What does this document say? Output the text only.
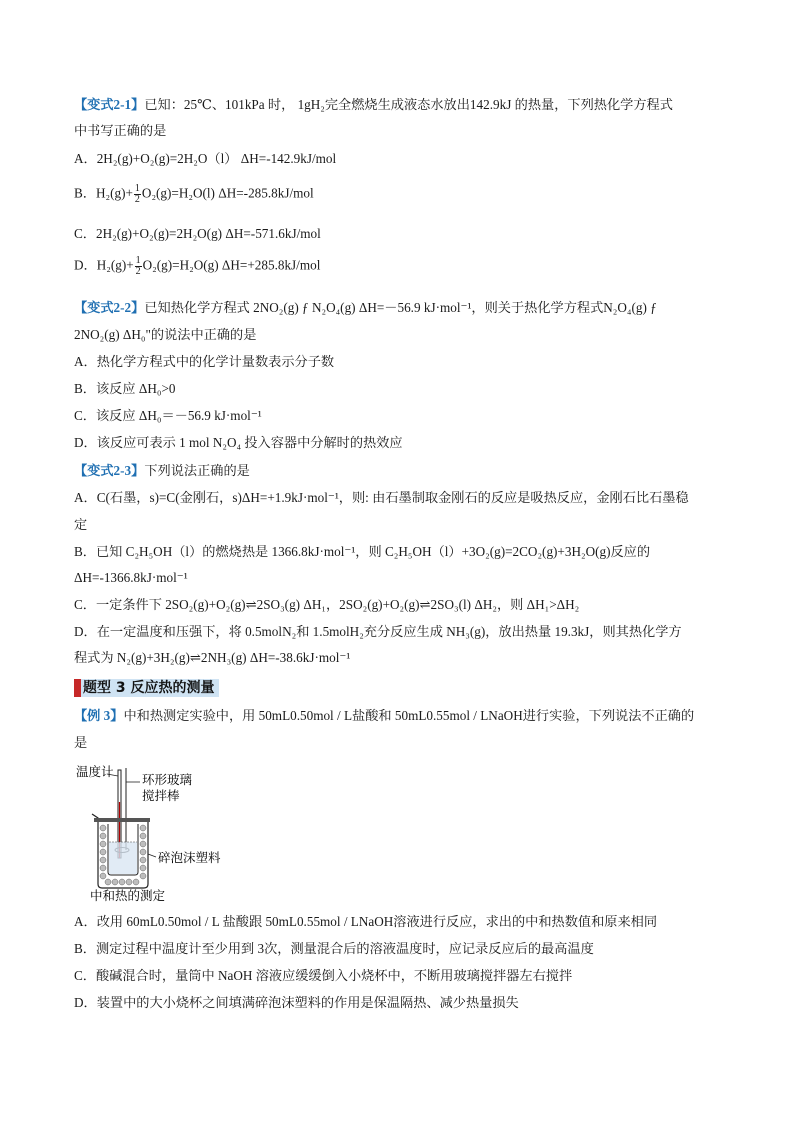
【变式2-1】已知：25℃、101kPa 时， 1gH₂完全燃烧生成液态水放出142.9kJ 的热量，下列热化学方程式
中书写正确的是
A．2H₂(g)+O₂(g)=2H₂O（l） ΔH=-142.9kJ/mol
B．$H_2(g)+ \frac{1}{2} O_2(g)=H_2O(l)$ ΔH=-285.8kJ/mol
C．2H₂(g)+O₂(g)=2H₂O(g) ΔH=-571.6kJ/mol
D．$H_2(g)+ \frac{1}{2} O_2(g)=H_2O(g)$ ΔH=+285.8kJ/mol
【变式2-2】已知热化学方程式 2NO₂(g) ƒ N₂O₄(g) ΔH=－56.9 kJ·mol⁻¹，则关于热化学方程式N₂O₄(g) ƒ
2NO₂(g) ΔH₀"的说法中正确的是
A．热化学方程式中的化学计量数表示分子数
B．该反应 ΔH₀>0
C．该反应 ΔH₀＝－56.9 kJ·mol⁻¹
D．该反应可表示 1 mol N₂O₄ 投入容器中分解时的热效应
【变式2-3】下列说法正确的是
A．C(石墨，s)=C(金刚石，s)ΔH=+1.9kJ·mol⁻¹，则: 由石墨制取金刚石的反应是吸热反应，金刚石比石墨稳
定
B．已知 C₂H₅OH（l）的燃烧热是 1366.8kJ·mol⁻¹，则 C₂H₅OH（l）+3O₂(g)=2CO₂(g)+3H₂O(g)反应的
ΔH=-1366.8kJ·mol⁻¹
C．一定条件下 2SO₂(g)+O₂(g)⇌2SO₃(g) ΔH₁，2SO₂(g)+O₂(g)⇌2SO₃(l) ΔH₂，则 ΔH₁>ΔH₂
D．在一定温度和压强下，将 0.5molN₂和 1.5molH₂充分反应生成 NH₃(g)，放出热量 19.3kJ，则其热化学方
程式为 N₂(g)+3H₂(g)⇌2NH₃(g) ΔH=-38.6kJ·mol⁻¹
题型 3 反应热的测量
【例 3】中和热测定实验中，用 50mL0.50mol / L盐酸和 50mL0.55mol / LNaOH进行实验，下列说法不正确的
是
温度计
环形玻璃
搅拌棒
碎泡沫塑料
中和热的测定
A．改用 60mL0.50mol / L 盐酸跟 50mL0.55mol / LNaOH溶液进行反应，求出的中和热数值和原来相同
B．测定过程中温度计至少用到 3次，测量混合后的溶液温度时，应记录反应后的最高温度
C．酸碱混合时，量筒中 NaOH 溶液应缓缓倒入小烧杯中，不断用玻璃搅拌器左右搅拌
D．装置中的大小烧杯之间填满碎泡沫塑料的作用是保温隔热、减少热量损失
